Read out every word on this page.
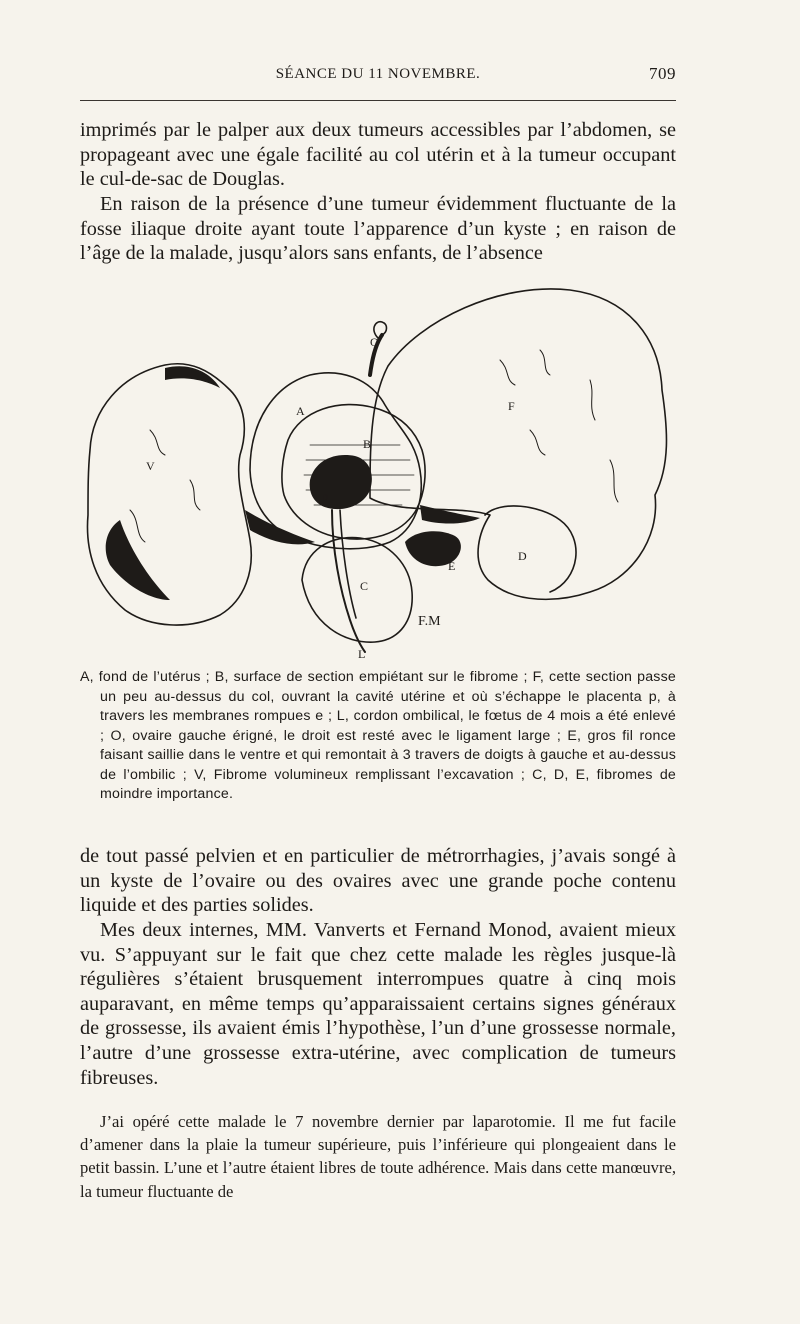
SÉANCE DU 11 NOVEMBRE.	709

imprimés par le palper aux deux tumeurs accessibles par l’abdomen, se propageant avec une égale facilité au col utérin et à la tumeur occupant le cul-de-sac de Douglas.

En raison de la présence d’une tumeur évidemment fluctuante de la fosse iliaque droite ayant toute l’apparence d’un kyste ; en raison de l’âge de la malade, jusqu’alors sans enfants, de l’absence

A
B
F
V
C
D
E
O
p
L
F.M

A, fond de l’utérus ; B, surface de section empiétant sur le fibrome ; F, cette section passe un peu au-dessus du col, ouvrant la cavité utérine et où s’échappe le placenta p, à travers les membranes rompues e ; L, cordon ombilical, le fœtus de 4 mois a été enlevé ; O, ovaire gauche érigné, le droit est resté avec le ligament large ; E, gros fil ronce faisant saillie dans le ventre et qui remontait à 3 travers de doigts à gauche et au-dessus de l’ombilic ; V, Fibrome volumineux remplissant l’excavation ; C, D, E, fibromes de moindre importance.

de tout passé pelvien et en particulier de métrorrhagies, j’avais songé à un kyste de l’ovaire ou des ovaires avec une grande poche contenu liquide et des parties solides.

Mes deux internes, MM. Vanverts et Fernand Monod, avaient mieux vu. S’appuyant sur le fait que chez cette malade les règles jusque-là régulières s’étaient brusquement interrompues quatre à cinq mois auparavant, en même temps qu’apparaissaient certains signes généraux de grossesse, ils avaient émis l’hypothèse, l’un d’une grossesse normale, l’autre d’une grossesse extra-utérine, avec complication de tumeurs fibreuses.

J’ai opéré cette malade le 7 novembre dernier par laparotomie. Il me fut facile d’amener dans la plaie la tumeur supérieure, puis l’inférieure qui plongeaient dans le petit bassin. L’une et l’autre étaient libres de toute adhérence. Mais dans cette manœuvre, la tumeur fluctuante de
